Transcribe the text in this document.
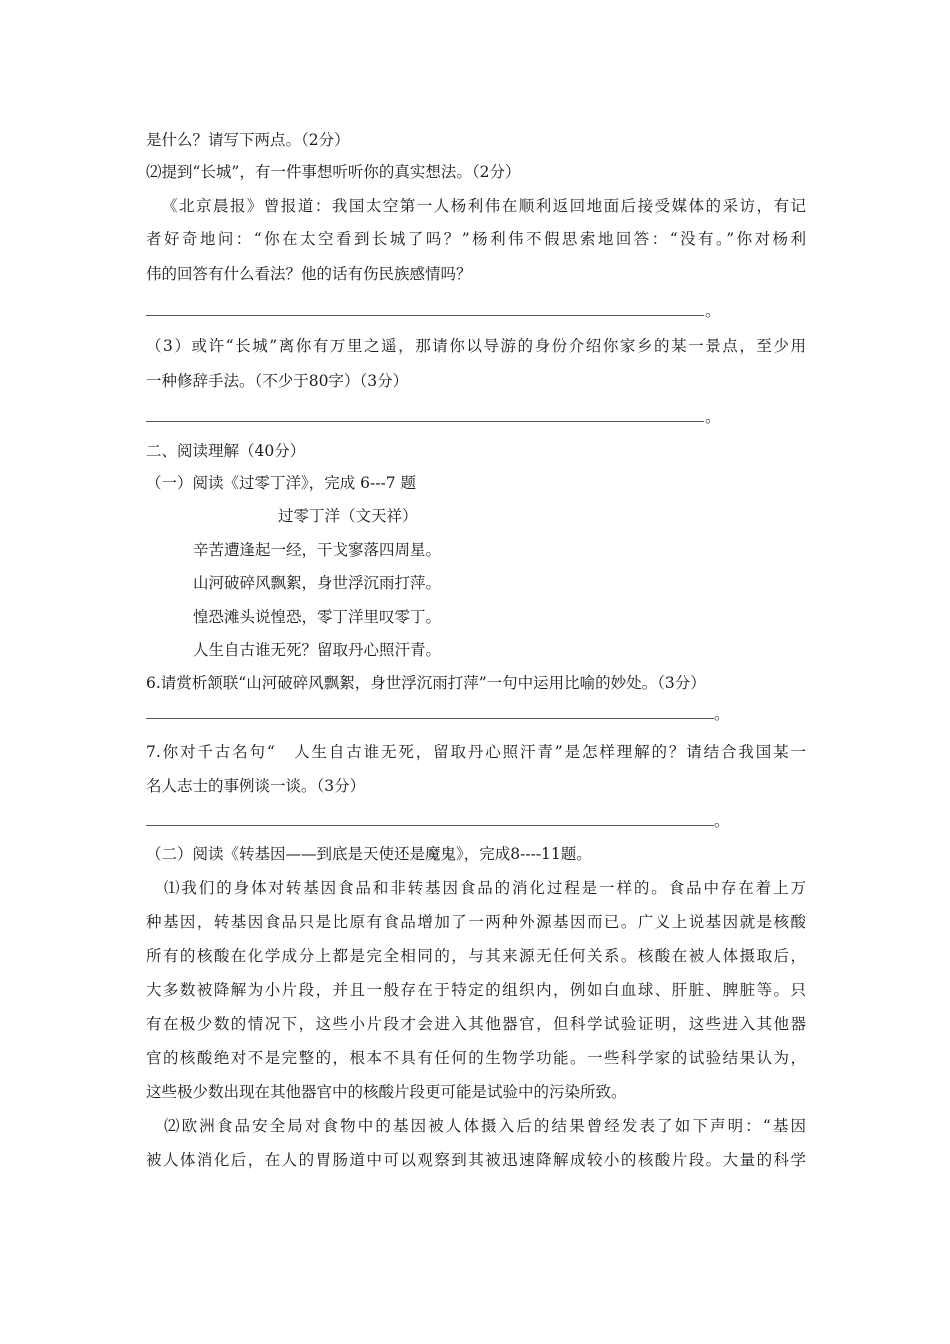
是什么？请写下两点。（2分）
⑵提到“长城”，有一件事想听听你的真实想法。（2分）
《北京晨报》曾报道：我国太空第一人杨利伟在顺利返回地面后接受媒体的采访，有记
者好奇地问：“你在太空看到长城了吗？”杨利伟不假思索地回答：“没有。”你对杨利
伟的回答有什么看法？他的话有伤民族感情吗？
。
（3）或许“长城”离你有万里之遥，那请你以导游的身份介绍你家乡的某一景点，至少用
一种修辞手法。（不少于80字）（3分）
。
二、阅读理解（40分）
（一）阅读《过零丁洋》，完成 6---7 题
过零丁洋（文天祥）
辛苦遭逢起一经，干戈寥落四周星。
山河破碎风飘絮，身世浮沉雨打萍。
惶恐滩头说惶恐，零丁洋里叹零丁。
人生自古谁无死？留取丹心照汗青。
6.请赏析颔联“山河破碎风飘絮，身世浮沉雨打萍”一句中运用比喻的妙处。（3分）
。
7.你对千古名句“　人生自古谁无死，留取丹心照汗青”是怎样理解的？请结合我国某一
名人志士的事例谈一谈。（3分）
。
（二）阅读《转基因——到底是天使还是魔鬼》，完成8----11题。
⑴我们的身体对转基因食品和非转基因食品的消化过程是一样的。食品中存在着上万
种基因，转基因食品只是比原有食品增加了一两种外源基因而已。广义上说基因就是核酸
所有的核酸在化学成分上都是完全相同的，与其来源无任何关系。核酸在被人体摄取后，
大多数被降解为小片段，并且一般存在于特定的组织内，例如白血球、肝脏、脾脏等。只
有在极少数的情况下，这些小片段才会进入其他器官，但科学试验证明，这些进入其他器
官的核酸绝对不是完整的，根本不具有任何的生物学功能。一些科学家的试验结果认为，
这些极少数出现在其他器官中的核酸片段更可能是试验中的污染所致。
⑵欧洲食品安全局对食物中的基因被人体摄入后的结果曾经发表了如下声明：“基因
被人体消化后，在人的胃肠道中可以观察到其被迅速降解成较小的核酸片段。大量的科学
